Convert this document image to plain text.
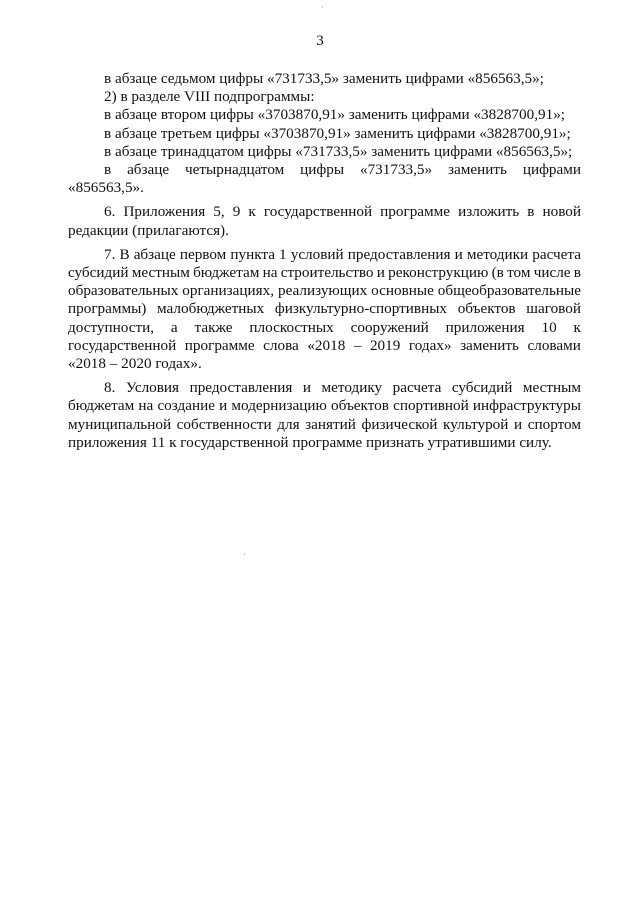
3
в абзаце седьмом цифры «731733,5» заменить цифрами «856563,5»;
2) в разделе VIII подпрограммы:
в абзаце втором цифры «3703870,91» заменить цифрами «3828700,91»;
в абзаце третьем цифры «3703870,91» заменить цифрами «3828700,91»;
в абзаце тринадцатом цифры «731733,5» заменить цифрами «856563,5»;
в абзаце четырнадцатом цифры «731733,5» заменить цифрами
«856563,5».
6. Приложения 5, 9 к государственной программе изложить в новой
редакции (прилагаются).
7. В абзаце первом пункта 1 условий предоставления и методики расчета
субсидий местным бюджетам на строительство и реконструкцию (в том числе в
образовательных организациях, реализующих основные общеобразовательные
программы) малобюджетных физкультурно-спортивных объектов шаговой
доступности, а также плоскостных сооружений приложения 10 к
государственной программе слова «2018 – 2019 годах» заменить словами
«2018 – 2020 годах».
8. Условия предоставления и методику расчета субсидий местным
бюджетам на создание и модернизацию объектов спортивной инфраструктуры
муниципальной собственности для занятий физической культурой и спортом
приложения 11 к государственной программе признать утратившими силу.
